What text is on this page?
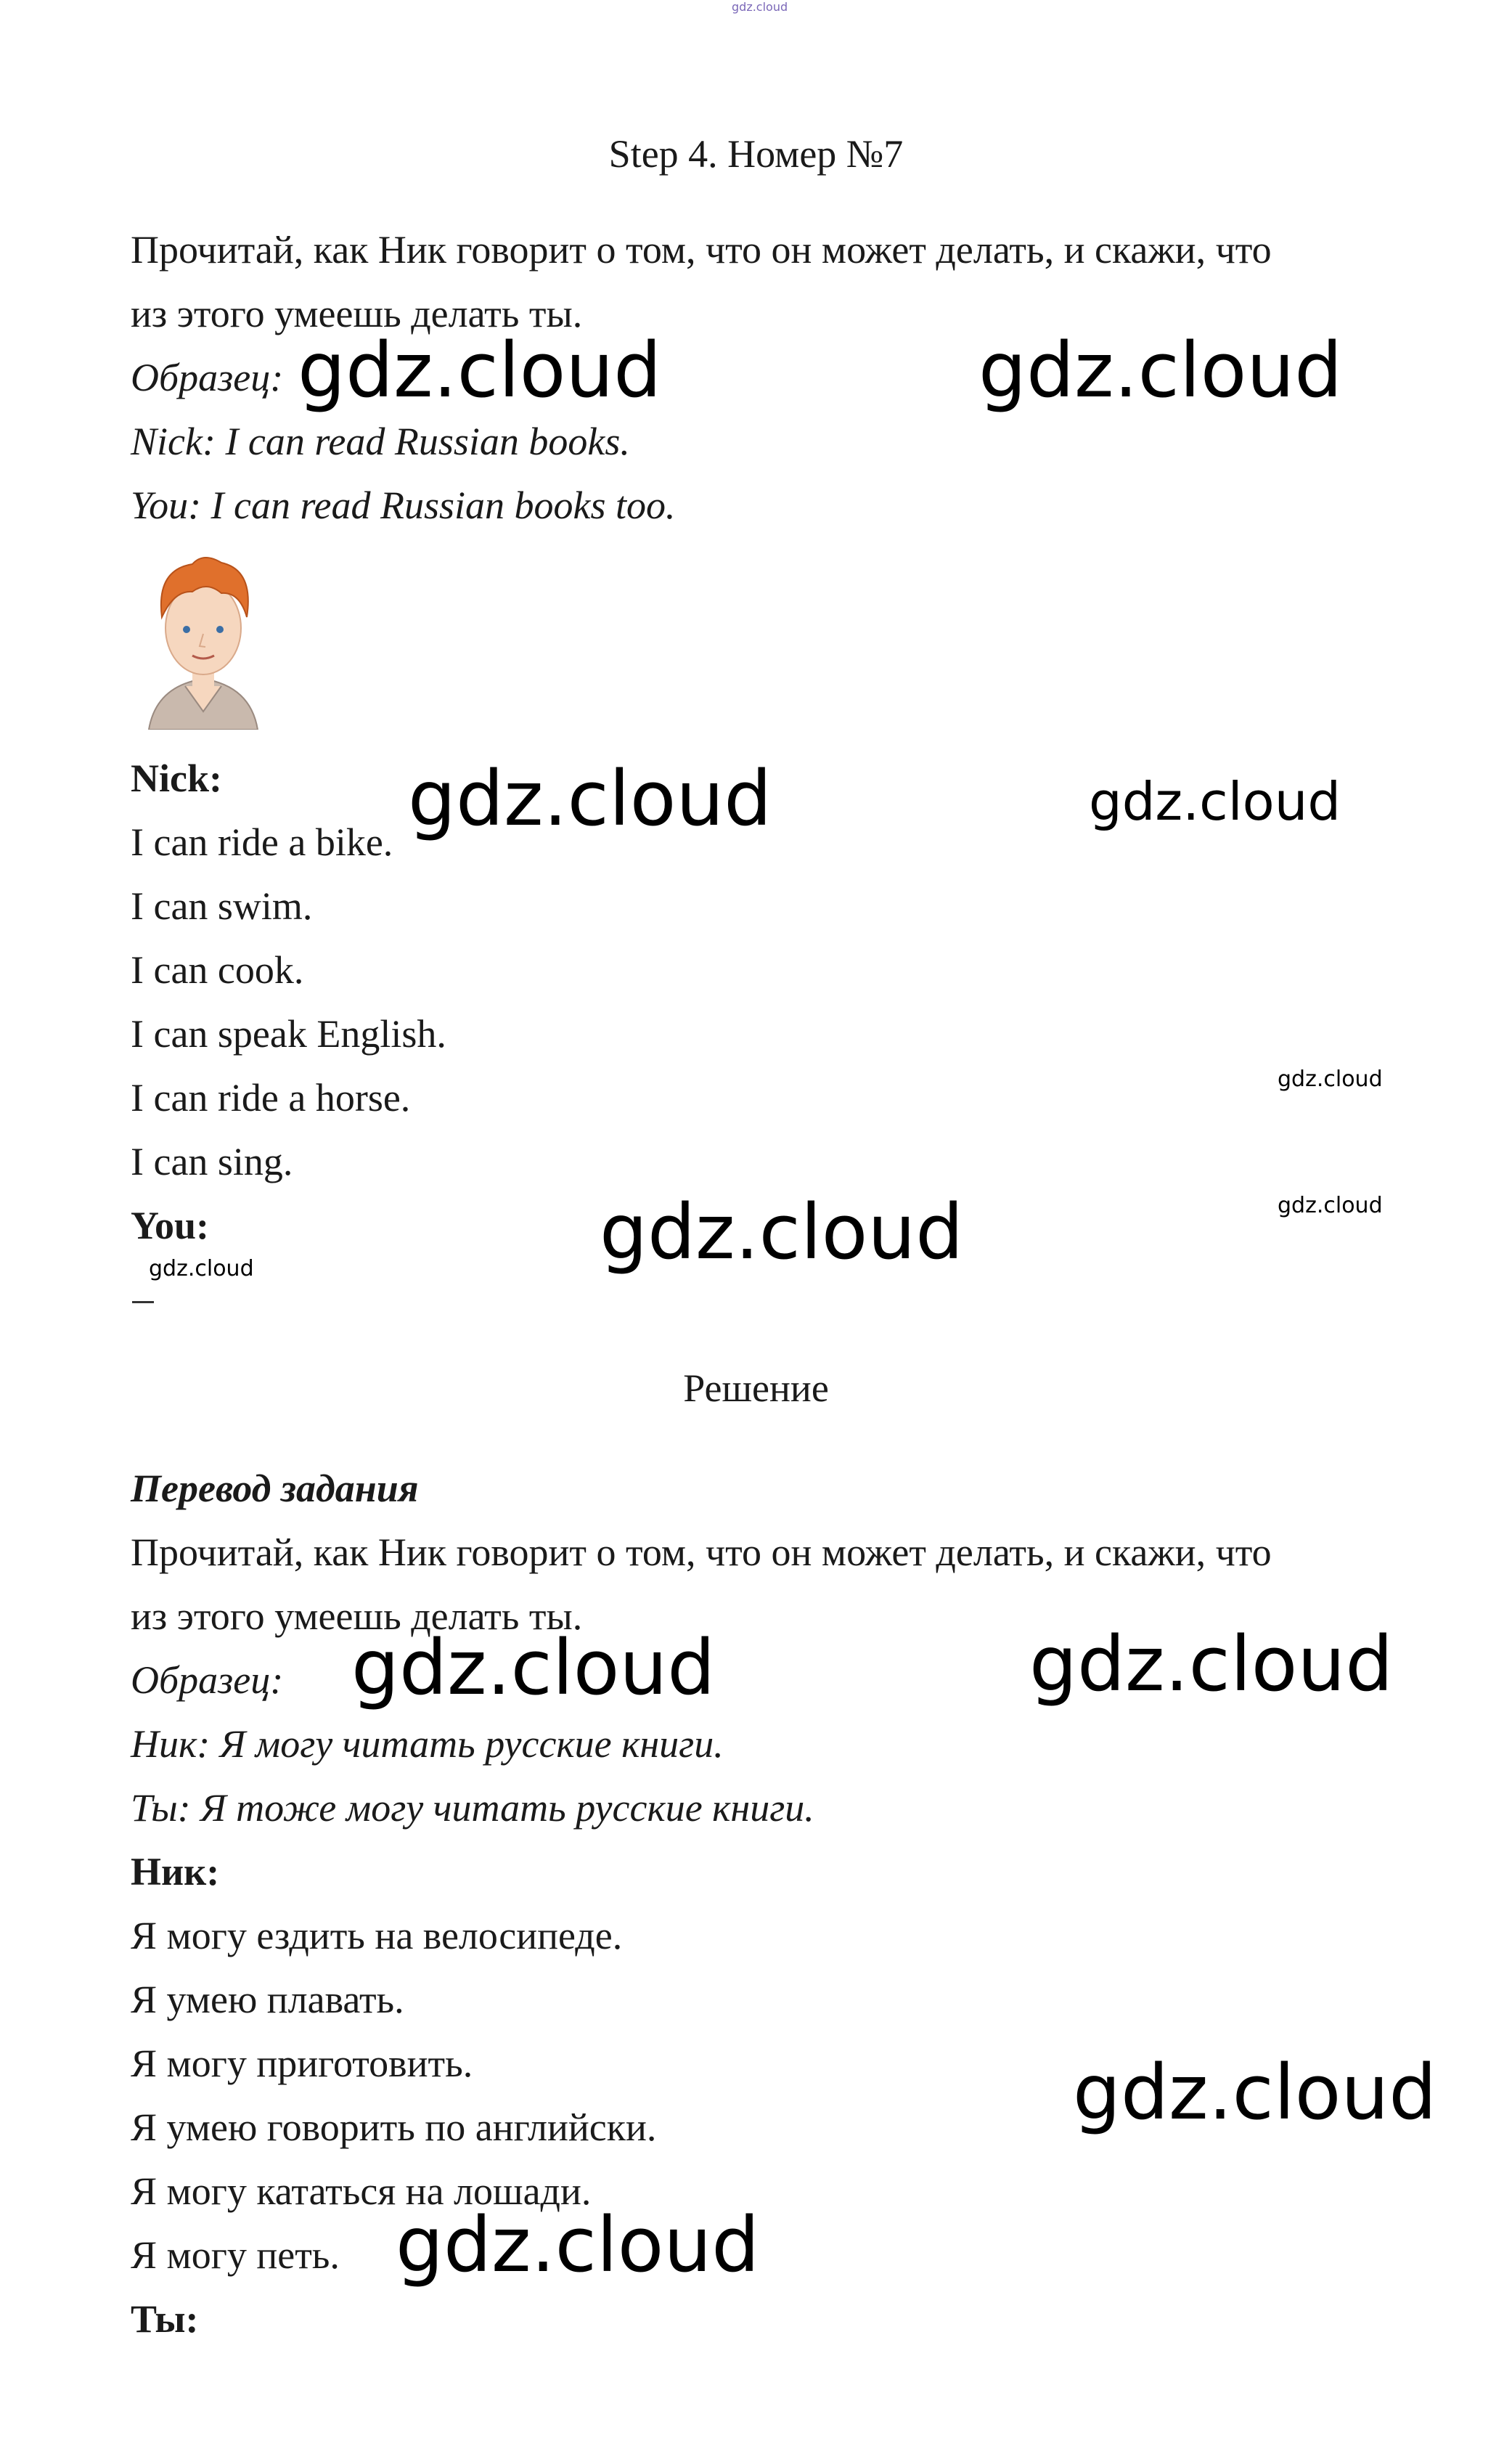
gdz.cloud
Step 4. Номер №7
Прочитай, как Ник говорит о том, что он может делать, и скажи, что
из этого умеешь делать ты.
Образец:
Nick: I can read Russian books.
You: I can read Russian books too.
Nick:
I can ride a bike.
I can swim.
I can cook.
I can speak English.
I can ride a horse.
I can sing.
You:
Решение
Перевод задания
Прочитай, как Ник говорит о том, что он может делать, и скажи, что
из этого умеешь делать ты.
Образец:
Ник: Я могу читать русские книги.
Ты: Я тоже могу читать русские книги.
Ник:
Я могу ездить на велосипеде.
Я умею плавать.
Я могу приготовить.
Я умею говорить по английски.
Я могу кататься на лошади.
Я могу петь.
Ты:
gdz.cloud	gdz.cloud
gdz.cloud	gdz.cloud
gdz.cloud
gdz.cloud
gdz.cloud
gdz.cloud
gdz.cloud	gdz.cloud
gdz.cloud
gdz.cloud
